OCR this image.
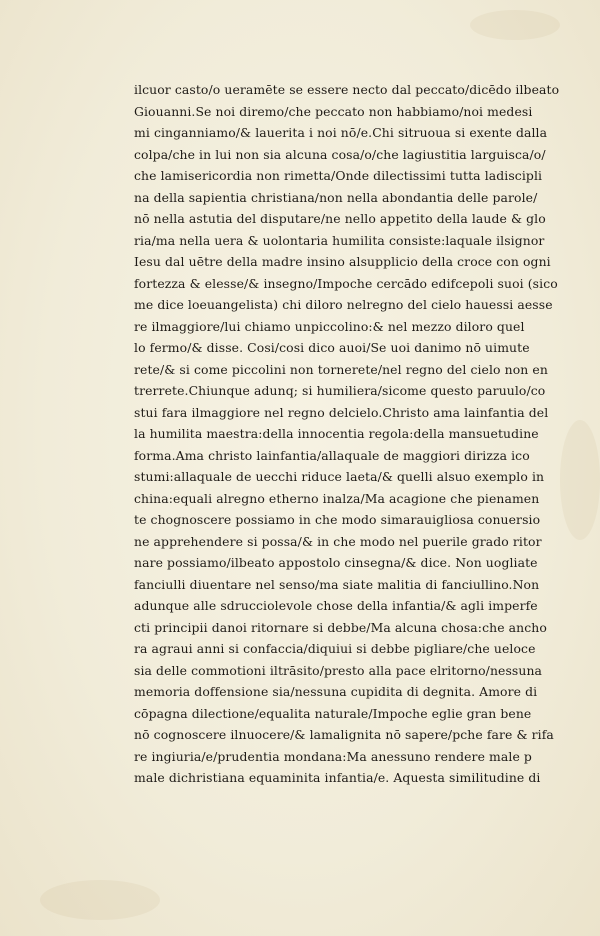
ilcuor casto/o ueramēte se essere necto dal peccato/dicēdo ilbeato
Giouanni.Se noi diremo/che peccato non habbiamo/noi medesi
mi cinganniamo/& lauerita i noi nō/e.Chi sitruoua si exente dalla
colpa/che in lui non sia alcuna cosa/o/che lagiustitia larguisca/o/
che lamisericordia non rimetta/Onde dilectissimi tutta ladiscipli
na della sapientia christiana/non nella abondantia delle parole/
nō nella astutia del disputare/ne nello appetito della laude & glo
ria/ma nella uera & uolontaria humilita consiste:laquale ilsignor
Iesu dal uētre della madre insino alsupplicio della croce con ogni
fortezza & elesse/& insegno/Impoche cercādo edifcepoli suoi (sico
me dice loeuangelista) chi diloro nelregno del cielo hauessi aesse
re ilmaggiore/lui chiamo unpiccolino:& nel mezzo diloro quel
lo fermo/& disse. Cosi/cosi dico auoi/Se uoi danimo nō uimute
rete/& si come piccolini non tornerete/nel regno del cielo non en
trerrete.Chiunque adunq; si humiliera/sicome questo paruulo/co
stui fara ilmaggiore nel regno delcielo.Christo ama lainfantia del
la humilita maestra:della innocentia regola:della mansuetudine
forma.Ama christo lainfantia/allaquale de maggiori dirizza ico
stumi:allaquale de uecchi riduce laeta/& quelli alsuo exemplo in
china:equali alregno etherno inalza/Ma acagione che pienamen
te chognoscere possiamo in che modo simarauigliosa conuersio
ne apprehendere si possa/& in che modo nel puerile grado ritor
nare possiamo/ilbeato appostolo cinsegna/& dice. Non uogliate
fanciulli diuentare nel senso/ma siate malitia di fanciullino.Non
adunque alle sdrucciolevole chose della infantia/& agli imperfe
cti principii danoi ritornare si debbe/Ma alcuna chosa:che ancho
ra agraui anni si confaccia/diquiui si debbe pigliare/che ueloce
sia delle commotioni iltrāsito/presto alla pace elritorno/nessuna
memoria doffensione sia/nessuna cupidita di degnita. Amore di
cōpagna dilectione/equalita naturale/Impoche eglie gran bene
nō cognoscere ilnuocere/& lamalignita nō sapere/pche fare & rifa
re ingiuria/e/prudentia mondana:Ma anessuno rendere male p
male dichristiana equaminita infantia/e. Aquesta similitudine di
